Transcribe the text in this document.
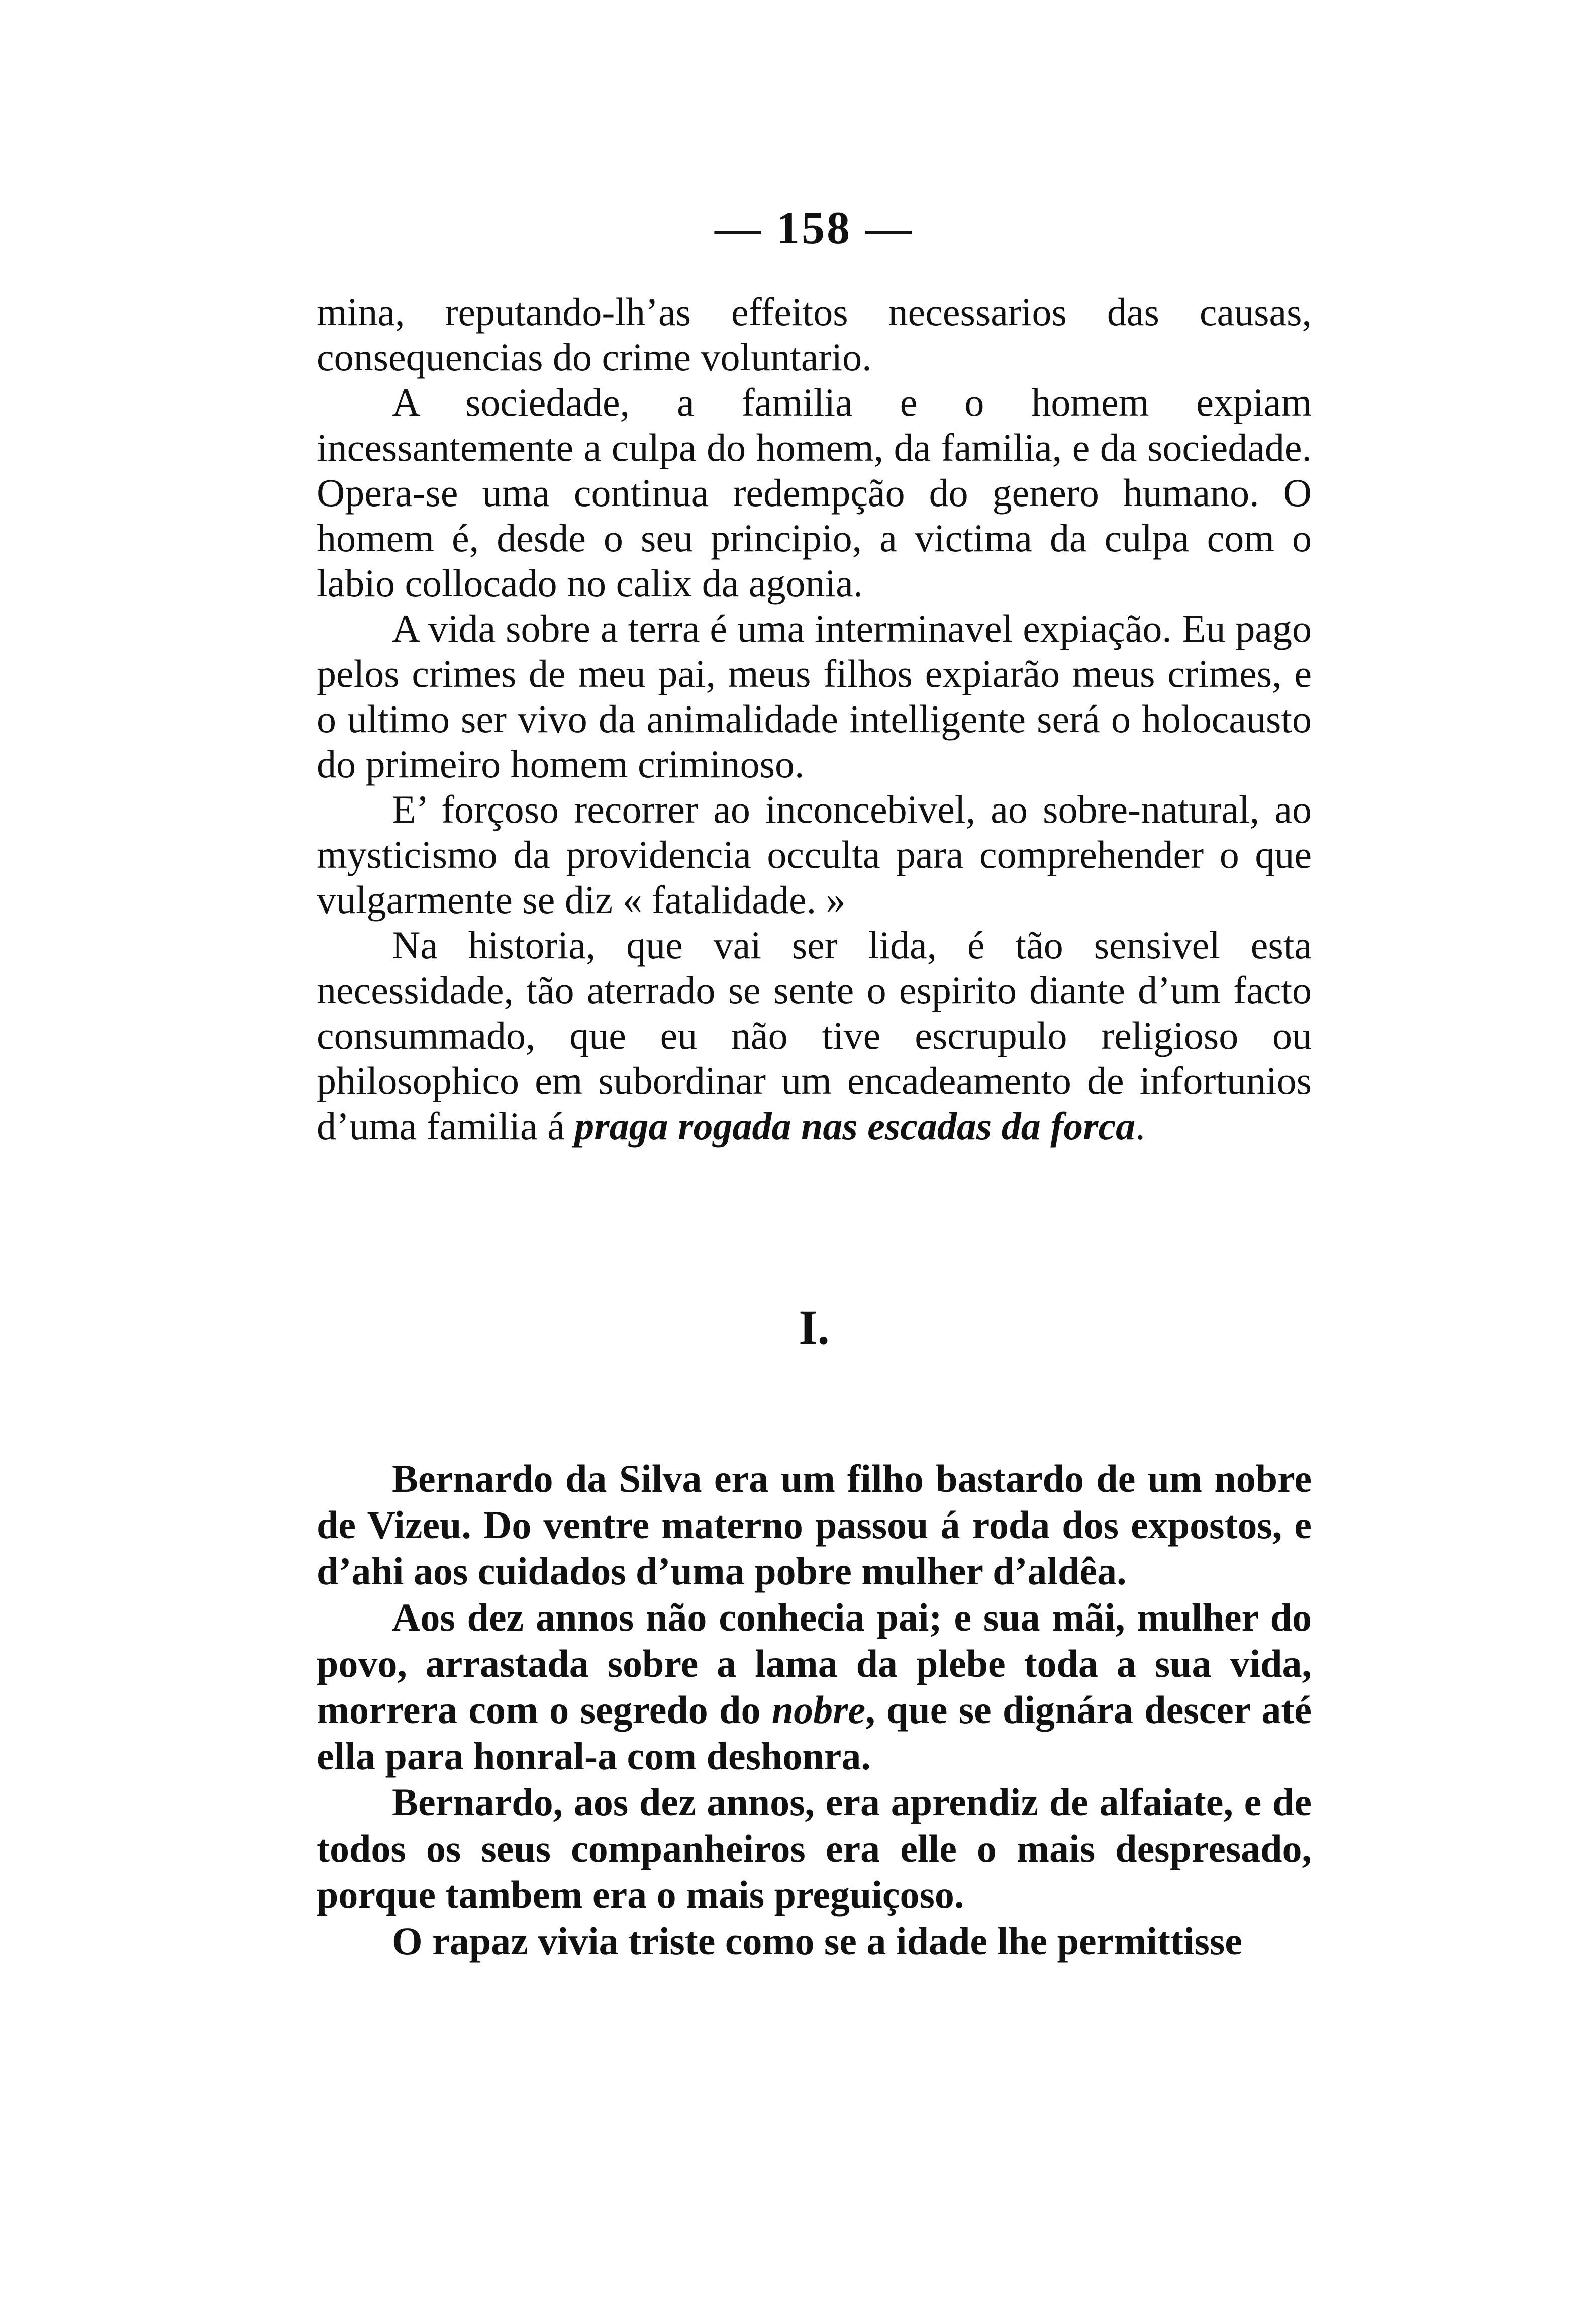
— 158 —

mina, reputando-lh’as effeitos necessarios das causas, consequencias do crime voluntario.

A sociedade, a familia e o homem expiam incessantemente a culpa do homem, da familia, e da sociedade. Opera-se uma continua redempção do genero humano. O homem é, desde o seu principio, a victima da culpa com o labio collocado no calix da agonia.

A vida sobre a terra é uma interminavel expiação. Eu pago pelos crimes de meu pai, meus filhos expiarão meus crimes, e o ultimo ser vivo da animalidade intelligente será o holocausto do primeiro homem criminoso.

E’ forçoso recorrer ao inconcebivel, ao sobre-natural, ao mysticismo da providencia occulta para comprehender o que vulgarmente se diz « fatalidade. »

Na historia, que vai ser lida, é tão sensivel esta necessidade, tão aterrado se sente o espirito diante d’um facto consummado, que eu não tive escrupulo religioso ou philosophico em subordinar um encadeamento de infortunios d’uma familia á praga rogada nas escadas da forca.

I.

Bernardo da Silva era um filho bastardo de um nobre de Vizeu. Do ventre materno passou á roda dos expostos, e d’ahi aos cuidados d’uma pobre mulher d’aldêa.

Aos dez annos não conhecia pai; e sua mãi, mulher do povo, arrastada sobre a lama da plebe toda a sua vida, morrera com o segredo do nobre, que se dignára descer até ella para honral-a com deshonra.

Bernardo, aos dez annos, era aprendiz de alfaiate, e de todos os seus companheiros era elle o mais despresado, porque tambem era o mais preguiçoso.

O rapaz vivia triste como se a idade lhe permittisse
